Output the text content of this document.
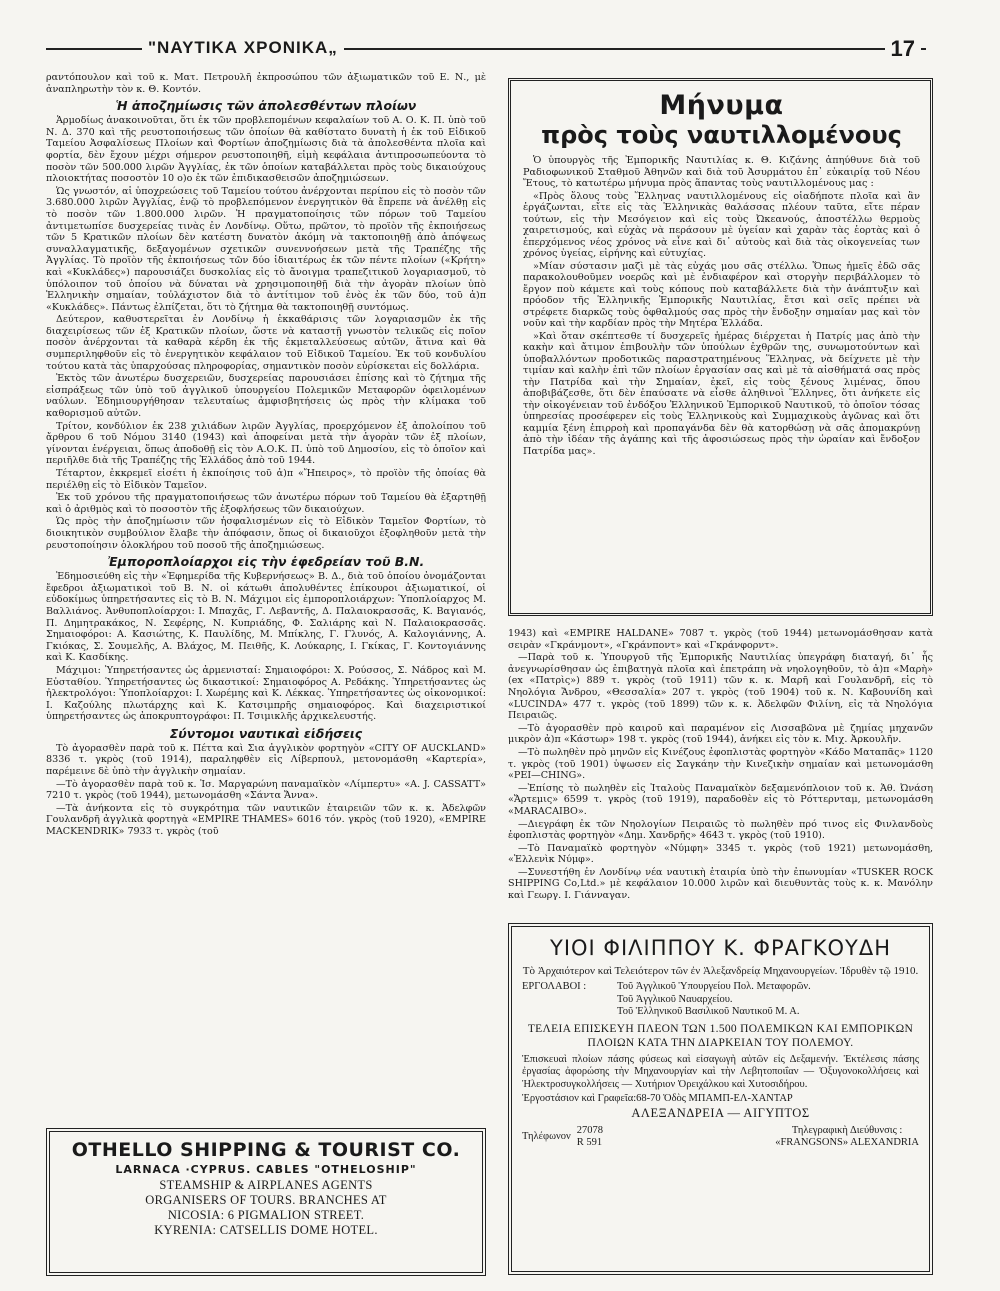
"ΝΑΥΤΙΚΑ ΧΡΟΝΙΚΑ„	17

ραντόπουλον καὶ τοῦ κ. Ματ. Πετρουλῆ ἐκπροσώπου τῶν ἀξιωματικῶν τοῦ Ε. Ν., μὲ ἀναπληρωτὴν τὸν κ. Θ. Κοντόν.

Ἡ ἀποζημίωσις τῶν ἀπολεσθέντων πλοίων

Ἁρμοδίως ἀνακοινοῦται, ὅτι ἐκ τῶν προβλεπομένων κεφαλαίων τοῦ Α. Ο. Κ. Π. ὑπὸ τοῦ Ν. Δ. 370 καὶ τῆς ρευστοποιήσεως τῶν ὁποίων θὰ καθίστατο δυνατὴ ἡ ἐκ τοῦ Εἰδικοῦ Ταμείου Ἀσφαλίσεως Πλοίων καὶ Φορτίων ἀποζημίωσις διὰ τὰ ἀπολεσθέντα πλοῖα καὶ φορτία, δὲν ἔχουν μέχρι σήμερον ρευστοποιηθῆ, εἰμὴ κεφάλαια ἀντιπροσωπεύοντα τὸ ποσὸν τῶν 500.000 λιρῶν Ἀγγλίας, ἐκ τῶν ὁποίων καταβάλλεται πρὸς τοὺς δικαιούχους πλοιοκτήτας ποσοστὸν 10 ο)ο ἐκ τῶν ἐπιδικασθεισῶν ἀποζημιώσεων.

Ὡς γνωστόν, αἱ ὑποχρεώσεις τοῦ Ταμείου τούτου ἀνέρχονται περίπου εἰς τὸ ποσὸν τῶν 3.680.000 λιρῶν Ἀγγλίας, ἐνῷ τὸ προβλεπόμενον ἐνεργητικὸν θὰ ἔπρεπε νὰ ἀνέλθῃ εἰς τὸ ποσὸν τῶν 1.800.000 λιρῶν. Ἡ πραγματοποίησις τῶν πόρων τοῦ Ταμείου ἀντιμετωπίσε δυσχερείας τινὰς ἐν Λονδίνῳ. Οὕτω, πρῶτον, τὸ προϊὸν τῆς ἐκποιήσεως τῶν 5 Κρατικῶν πλοίων δὲν κατέστη δυνατὸν ἀκόμη νὰ τακτοποιηθῇ ἀπὸ ἀπόψεως συναλλαγματικῆς, δεξαγομένων σχετικῶν συνεννοήσεων μετὰ τῆς Τραπέζης τῆς Ἀγγλίας. Τὸ προϊὸν τῆς ἐκποιήσεως τῶν δύο ἰδιαιτέρως ἐκ τῶν πέντε πλοίων («Κρήτη» καὶ «Κυκλάδες») παρουσιάζει δυσκολίας εἰς τὸ ἄνοιγμα τραπεζιτικοῦ λογαριασμοῦ, τὸ ὑπόλοιπον τοῦ ὁποίου νὰ δύναται νὰ χρησιμοποιηθῇ διὰ τὴν ἀγορὰν πλοίων ὑπὸ Ἑλληνικὴν σημαίαν, τοὐλάχιστον διὰ τὸ ἀντίτιμον τοῦ ἑνὸς ἐκ τῶν δύο, τοῦ ἀ)π «Κυκλάδες». Πάντως ἐλπίζεται, ὅτι τὸ ζήτημα θὰ τακτοποιηθῇ συντόμως.

Δεύτερον, καθυστερεῖται ἐν Λονδίνῳ ἡ ἐκκαθάρισις τῶν λογαριασμῶν ἐκ τῆς διαχειρίσεως τῶν ἐξ Κρατικῶν πλοίων, ὥστε νὰ καταστῇ γνωστὸν τελικῶς εἰς ποῖον ποσὸν ἀνέρχονται τὰ καθαρὰ κέρδη ἐκ τῆς ἐκμεταλλεύσεως αὐτῶν, ἅτινα καὶ θὰ συμπεριληφθοῦν εἰς τὸ ἐνεργητικὸν κεφάλαιον τοῦ Εἰδικοῦ Ταμείου. Ἐκ τοῦ κονδυλίου τούτου κατὰ τὰς ὑπαρχούσας πληροφορίας, σημαντικὸν ποσὸν εὑρίσκεται εἰς δολλάρια.

Ἐκτὸς τῶν ἀνωτέρω δυσχερειῶν, δυσχερείας παρουσιάσει ἐπίσης καὶ τὸ ζήτημα τῆς εἰσπράξεως τῶν ὑπὸ τοῦ ἀγγλικοῦ ὑπουργείου Πολεμικῶν Μεταφορῶν ὀφειλομένων ναύλων. Ἐδημιουργήθησαν τελευταίως ἀμφισβητήσεις ὡς πρὸς τὴν κλίμακα τοῦ καθορισμοῦ αὐτῶν.

Τρίτον, κονδύλιον ἐκ 238 χιλιάδων λιρῶν Ἀγγλίας, προερχόμενον ἐξ ἀπολοίπου τοῦ ἄρθρου 6 τοῦ Νόμου 3140 (1943) καὶ ἀποφείναι μετὰ τὴν ἀγορὰν τῶν ἐξ πλοίων, γίνονται ἐνέργειαι, ὅπως ἀποδοθῇ εἰς τὸν Α.Ο.Κ. Π. ὑπὸ τοῦ Δημοσίου, εἰς τὸ ὁποῖον καὶ περιῆλθε διὰ τῆς Τραπέζης τῆς Ἑλλάδος ἀπὸ τοῦ 1944.

Τέταρτον, ἐκκρεμεῖ εἰσέτι ἡ ἐκποίησις τοῦ ἀ)π «Ἤπειρος», τὸ προϊὸν τῆς ὁποίας θὰ περιέλθῃ εἰς τὸ Εἰδικὸν Ταμεῖον.

Ἐκ τοῦ χρόνου τῆς πραγματοποιήσεως τῶν ἀνωτέρω πόρων τοῦ Ταμείου θὰ ἐξαρτηθῇ καὶ ὁ ἀριθμὸς καὶ τὸ ποσοστὸν τῆς ἐξοφλήσεως τῶν δικαιούχων.

Ὡς πρὸς τὴν ἀποζημίωσιν τῶν ἠσφαλισμένων εἰς τὸ Εἰδικὸν Ταμεῖον Φορτίων, τὸ διοικητικὸν συμβούλιον ἔλαβε τὴν ἀπόφασιν, ὅπως οἱ δικαιοῦχοι ἐξοφληθοῦν μετὰ τὴν ρευστοποίησιν ὁλοκλήρου τοῦ ποσοῦ τῆς ἀποζημιώσεως.

Ἐμποροπλοίαρχοι εἰς τὴν ἐφεδρείαν τοῦ Β.Ν.

Ἐδημοσιεύθη εἰς τὴν «Ἐφημερίδα τῆς Κυβερνήσεως» Β. Δ., διὰ τοῦ ὁποίου ὀνομάζονται ἔφεδροι ἀξιωματικοὶ τοῦ Β. Ν. οἱ κάτωθι ἀπολυθέντες ἐπίκουροι ἀξιωματικοί, οἱ εὐδοκίμως ὑπηρετήσαντες εἰς τὸ Β. Ν. Μάχιμοι εἰς ἐμποροπλοιάρχων: Ὑποπλοίαρχος Μ. Βαλλιάνος. Ἀνθυποπλοίαρχοι: Ι. Μπαχᾶς, Γ. Λεβαντῆς, Δ. Παλαιοκρασσᾶς, Κ. Βαγιανός, Π. Δημητρακάκος, Ν. Σεφέρης, Ν. Κυπριάδης, Φ. Σαλιάρης καὶ Ν. Παλαιοκρασσᾶς. Σημαιοφόροι: Α. Κασιώτης, Κ. Παυλίδης, Μ. Μπίκλης, Γ. Γλυνός, Α. Καλογιάννης, Α. Γκιόκας, Σ. Σουμελῆς, Α. Βλάχος, Μ. Πειθῆς, Κ. Λούκαρης, Ι. Γκίκας, Γ. Κοντογιάννης καὶ Κ. Κασδίκης.

Μάχιμοι: Ὑπηρετήσαντες ὡς ἀρμενισταί: Σημαιοφόροι: Χ. Ρούσσος, Σ. Νάδρος καὶ Μ. Εὐσταθίου. Ὑπηρετήσαντες ὡς δικαστικοί: Σημαιοφόρος Α. Ρεδάκης. Ὑπηρετήσαντες ὡς ἠλεκτρολόγοι: Ὑποπλοίαρχοι: Ι. Χωρέμης καὶ Κ. Λέκκας. Ὑπηρετήσαντες ὡς οἰκονομικοί: Ι. Καζούλης πλωτάρχης καὶ Κ. Κατσιμπρῆς σημαιοφόρος. Καὶ διαχειριστικοί ὑπηρετήσαντες ὡς ἀποκρυπτογράφοι: Π. Τσιμικλῆς ἀρχικελευστής.

Σύντομοι ναυτικαὶ εἰδήσεις

Τὸ ἀγορασθὲν παρὰ τοῦ κ. Πέττα καὶ Σια ἀγγλικὸν φορτηγὸν «CITY OF AUCKLAND» 8336 τ. γκρὸς (τοῦ 1914), παραληφθὲν εἰς Λίβερπουλ, μετονομάσθη «Καρτερία», παρέμεινε δὲ ὑπὸ τὴν ἀγγλικὴν σημαίαν.

—Τὸ ἀγορασθὲν παρὰ τοῦ κ. Ἰσ. Μαργαρώνη παναμαϊκὸν «Λίμπερτυ» «A. J. CASSATT» 7210 τ. γκρὸς (τοῦ 1944), μετωνομάσθη «Σάντα Ἄννα».

—Τὰ ἀνήκοντα εἰς τὸ συγκρότημα τῶν ναυτικῶν ἑταιρειῶν τῶν κ. κ. Ἀδελφῶν Γουλανδρῆ ἀγγλικὰ φορτηγὰ «EMPIRE THAMES» 6016 τόν. γκρὸς (τοῦ 1920), «EMPIRE MACKENDRIK» 7933 τ. γκρὸς (τοῦ

Μήνυμα
πρὸς τοὺς ναυτιλλομένους

Ὁ ὑπουργὸς τῆς Ἐμπορικῆς Ναυτιλίας κ. Θ. Κιζάνης ἀπηύθυνε διὰ τοῦ Ραδιοφωνικοῦ Σταθμοῦ Ἀθηνῶν καὶ διὰ τοῦ Ἀσυρμάτου ἐπ᾽ εὐκαιρίᾳ τοῦ Νέου Ἔτους, τὸ κατωτέρω μήνυμα πρὸς ἅπαντας τοὺς ναυτιλλομένους μας :

«Πρὸς ὅλους τοὺς Ἕλληνας ναυτιλλομένους εἰς οἱαδήποτε πλοῖα καὶ ἂν ἐργάζωνται, εἴτε εἰς τὰς Ἑλληνικὰς θαλάσσας πλέουν ταῦτα, εἴτε πέραν τούτων, εἰς τὴν Μεσόγειον καὶ εἰς τοὺς Ὠκεανούς, ἀποστέλλω θερμοὺς χαιρετισμούς, καὶ εὐχὰς νὰ περάσουν μὲ ὑγείαν καὶ χαρὰν τὰς ἑορτὰς καὶ ὁ ἐπερχόμενος νέος χρόνος νὰ εἶνε καὶ δι᾽ αὐτοὺς καὶ διὰ τὰς οἰκογενείας των χρόνος ὑγείας, εἰρήνης καὶ εὐτυχίας.

»Μίαν σύστασιν μαζὶ μὲ τὰς εὐχάς μου σᾶς στέλλω. Ὅπως ἡμεῖς ἐδῶ σᾶς παρακολουθοῦμεν νοερῶς καὶ μὲ ἐνδιαφέρον καὶ στοργὴν περιβάλλομεν τὸ ἔργον ποὺ κάμετε καὶ τοὺς κόπους ποὺ καταβάλλετε διὰ τὴν ἀνάπτυξιν καὶ πρόοδον τῆς Ἑλληνικῆς Ἐμπορικῆς Ναυτιλίας, ἔτσι καὶ σεῖς πρέπει νὰ στρέφετε διαρκῶς τοὺς ὀφθαλμούς σας πρὸς τὴν ἔνδοξην σημαίαν μας καὶ τὸν νοῦν καὶ τὴν καρδίαν πρὸς τὴν Μητέρα Ἑλλάδα.

»Καὶ ὅταν σκέπτεσθε τί δυσχερεῖς ἡμέρας διέρχεται ἡ Πατρίς μας ἀπὸ τὴν κακὴν καὶ ἄτιμον ἐπιβουλὴν τῶν ὑπούλων ἐχθρῶν της, συνωμοτούντων καὶ ὑποβαλλόντων προδοτικῶς παραστρατημένους Ἕλληνας, νὰ δείχνετε μὲ τὴν τιμίαν καὶ καλὴν ἐπὶ τῶν πλοίων ἐργασίαν σας καὶ μὲ τὰ αἰσθήματά σας πρὸς τὴν Πατρίδα καὶ τὴν Σημαίαν, ἐκεῖ, εἰς τοὺς ξένους λιμένας, ὅπου ἀποβιβάζεσθε, ὅτι δὲν ἐπαύσατε νὰ εἶσθε ἀληθινοὶ Ἕλληνες, ὅτι ἀνήκετε εἰς τὴν οἰκογένειαν τοῦ ἐνδόξου Ἑλληνικοῦ Ἐμπορικοῦ Ναυτικοῦ, τὸ ὁποῖον τόσας ὑπηρεσίας προσέφερεν εἰς τοὺς Ἑλληνικοὺς καὶ Συμμαχικοὺς ἀγῶνας καὶ ὅτι καμμία ξένη ἐπιρροὴ καὶ προπαγάνδα δὲν θὰ κατορθώσῃ νὰ σᾶς ἀπομακρύνῃ ἀπὸ τὴν ἰδέαν τῆς ἀγάπης καὶ τῆς ἀφοσιώσεως πρὸς τὴν ὡραίαν καὶ ἔνδοξον Πατρίδα μας».

1943) καὶ «EMPIRE HALDANE» 7087 τ. γκρὸς (τοῦ 1944) μετωνομάσθησαν κατὰ σειρὰν «Γκράνμοντ», «Γκράνποντ» καὶ «Γκράνφορντ».

—Παρὰ τοῦ κ. Ὑπουργοῦ τῆς Ἐμπορικῆς Ναυτιλίας ὑπεγράφη διαταγή, δι᾽ ἧς ἀνεγνωρίσθησαν ὡς ἐπιβατηγὰ πλοῖα καὶ ἐπετράπη νὰ νηολογηθοῦν, τὸ ἀ)π «Μαρὴ» (ex «Πατρὶς») 889 τ. γκρὸς (τοῦ 1911) τῶν κ. κ. Μαρῆ καὶ Γουλανδρῆ, εἰς τὸ Νηολόγια Ἄνδρου, «Θεσσαλία» 207 τ. γκρὸς (τοῦ 1904) τοῦ κ. Ν. Καβουνίδη καὶ «LUCINDA» 477 τ. γκρὸς (τοῦ 1899) τῶν κ. κ. Ἀδελφῶν Φιλίνη, εἰς τὰ Νηολόγια Πειραιῶς.

—Τὸ ἀγορασθὲν πρὸ καιροῦ καὶ παραμένον εἰς Λισσαβῶνα μὲ ζημίας μηχανῶν μικρὸν ἀ)π «Κάστωρ» 198 τ. γκρὸς (τοῦ 1944), ἀνήκει εἰς τὸν κ. Μιχ. Ἀρκουλῆν.

—Τὸ πωληθὲν πρὸ μηνῶν εἰς Κινέζους ἐφοπλιστὰς φορτηγὸν «Κάδο Ματαπᾶς» 1120 τ. γκρὸς (τοῦ 1901) ὑψωσεν εἰς Σαγκάην τὴν Κινεζικὴν σημαίαν καὶ μετωνομάσθη «PEI—CHING».

—Ἐπίσης τὸ πωληθὲν εἰς Ἰταλοὺς Παναμαϊκὸν δεξαμενόπλοιον τοῦ κ. Ἀθ. Ὠνάση «Ἄρτεμις» 6599 τ. γκρὸς (τοῦ 1919), παραδοθὲν εἰς τὸ Ρόττερνταμ, μετωνομάσθη «MARACAIBO».

—Διεγράφη ἐκ τῶν Νηολογίων Πειραιῶς τὸ πωληθὲν πρό τινος εἰς Φινλανδοὺς ἐφοπλιστὰς φορτηγὸν «Δημ. Χανδρῆς» 4643 τ. γκρὸς (τοῦ 1910).

—Τὸ Παναμαϊκὸ φορτηγὸν «Νύμφη» 3345 τ. γκρὸς (τοῦ 1921) μετωνομάσθη, «Ἑλλενὶκ Νύμφ».

—Συνεστήθη ἐν Λονδίνῳ νέα ναυτικὴ ἑταιρία ὑπὸ τὴν ἐπωνυμίαν «TUSKER ROCK SHIPPING Co,Ltd.» μὲ κεφάλαιον 10.000 λιρῶν καὶ διευθυντὰς τοὺς κ. κ. Μανόλην καὶ Γεωργ. Ι. Γιάνναγαν.

OTHELLO SHIPPING & TOURIST CO.
LARNACA ·CYPRUS. CABLES "OTHELOSHIP"
STEAMSHIP & AIRPLANES AGENTS
ORGANISERS OF TOURS. BRANCHES AT
NICOSIA: 6 PIGMALION STREET.
KYRENIA: CATSELLIS DOME HOTEL.
ΥΙΟΙ ΦΙΛΙΠΠΟΥ Κ. ΦΡΑΓΚΟΥΔΗ
Τὸ Ἀρχαιότερον καὶ Τελειότερον τῶν ἐν Ἀλεξανδρείᾳ Μηχανουργείων. Ἱδρυθὲν τῷ 1910.
ΕΡΓΟΛΑΒΟΙ :	Τοῦ Ἀγγλικοῦ Ὑπουργείου Πολ. Μεταφορῶν.
Τοῦ Ἀγγλικοῦ Ναυαρχείου.
Τοῦ Ἑλληνικοῦ Βασιλικοῦ Ναυτικοῦ Μ. Α.
ΤΕΛΕΙΑ ΕΠΙΣΚΕΥΗ ΠΛΕΟΝ ΤΩΝ 1.500 ΠΟΛΕΜΙΚΩΝ ΚΑΙ ΕΜΠΟΡΙΚΩΝ ΠΛΟΙΩΝ ΚΑΤΑ ΤΗΝ ΔΙΑΡΚΕΙΑΝ ΤΟΥ ΠΟΛΕΜΟΥ.
Ἐπισκευαὶ πλοίων πάσης φύσεως καὶ εἰσαγωγὴ αὐτῶν εἰς Δεξαμενήν. Ἐκτέλεσις πάσης ἐργασίας ἀφορώσης τὴν Μηχανουργίαν καὶ τὴν Λεβητοποιΐαν — Ὀξυγονοκολλήσεις καὶ Ἠλεκτροσυγκολλήσεις — Χυτήριον Ὀρειχάλκου καὶ Χυτοσιδήρου.
Ἐργοστάσιον καὶ Γραφεῖα:68-70 Ὁδὸς ΜΠΑΜΠ-ΕΛ-ΧΑΝΤΑΡ
ΑΛΕΞΑΝΔΡΕΙΑ — ΑΙΓΥΠΤΟΣ
Τηλέφωνον
27078
R 591
Τηλεγραφικὴ Διεύθυνσις :
«FRANGSONS» ALEXANDRIA
